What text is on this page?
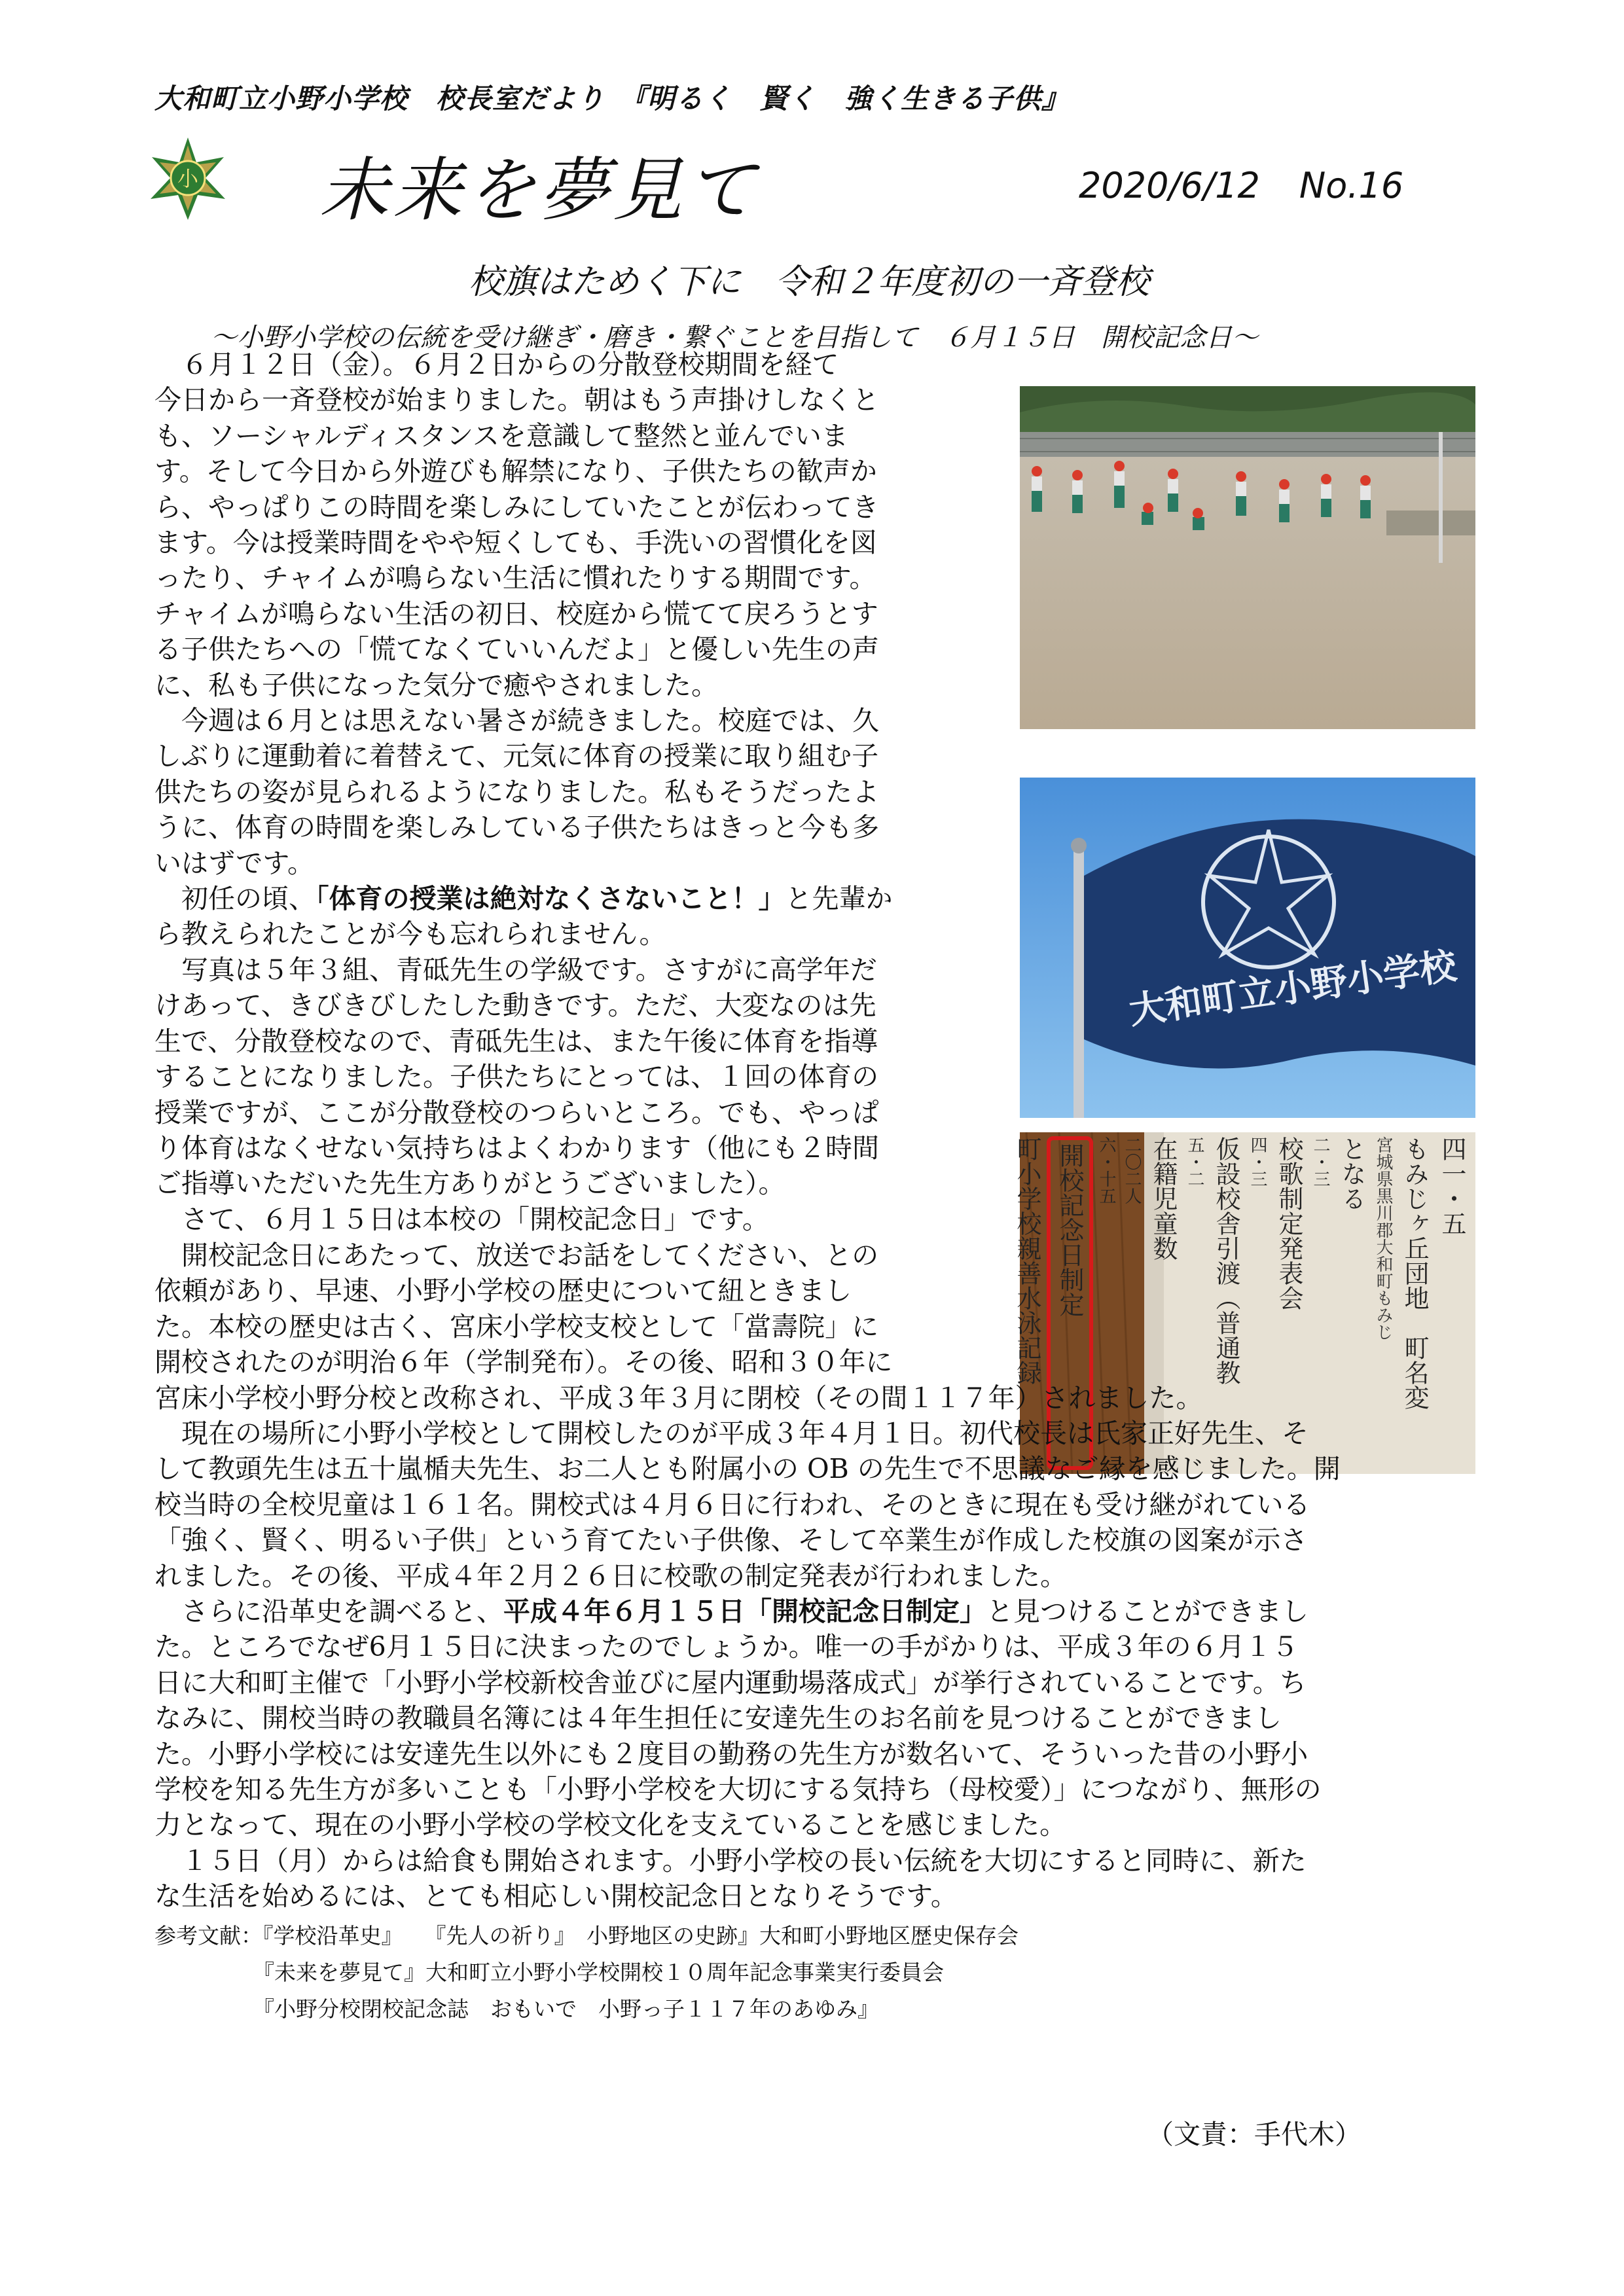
大和町立小野小学校　校長室だより　『明るく　賢く　強く生きる子供』
小 未来を夢見て	2020/6/12 No.16
校旗はためく下に　令和２年度初の一斉登校
～小野小学校の伝統を受け継ぎ・磨き・繋ぐことを目指して　６月１５日　開校記念日～
大和町立小野小学校
四一・五
もみじヶ丘団地　町名変
宮城県黒川郡大和町もみじ
となる
二・三
校歌制定発表会
四・三
仮設校舎引渡（普通教
五・二
在籍児童数
二〇二人
六・十五
開校記念日制定
町小学校親善水泳記録
　６月１２日（金）。６月２日からの分散登校期間を経て
今日から一斉登校が始まりました。朝はもう声掛けしなくと
も、ソーシャルディスタンスを意識して整然と並んでいま
す。そして今日から外遊びも解禁になり、子供たちの歓声か
ら、やっぱりこの時間を楽しみにしていたことが伝わってき
ます。今は授業時間をやや短くしても、手洗いの習慣化を図
ったり、チャイムが鳴らない生活に慣れたりする期間です。
チャイムが鳴らない生活の初日、校庭から慌てて戻ろうとす
る子供たちへの「慌てなくていいんだよ」と優しい先生の声
に、私も子供になった気分で癒やされました。
　今週は６月とは思えない暑さが続きました。校庭では、久
しぶりに運動着に着替えて、元気に体育の授業に取り組む子
供たちの姿が見られるようになりました。私もそうだったよ
うに、体育の時間を楽しみしている子供たちはきっと今も多
いはずです。
　初任の頃、「体育の授業は絶対なくさないこと！」と先輩か
ら教えられたことが今も忘れられません。
　写真は５年３組、青砥先生の学級です。さすがに高学年だ
けあって、きびきびしたした動きです。ただ、大変なのは先
生で、分散登校なので、青砥先生は、また午後に体育を指導
することになりました。子供たちにとっては、１回の体育の
授業ですが、ここが分散登校のつらいところ。でも、やっぱ
り体育はなくせない気持ちはよくわかります（他にも２時間
ご指導いただいた先生方ありがとうございました）。
　さて、６月１５日は本校の「開校記念日」です。
　開校記念日にあたって、放送でお話をしてください、との
依頼があり、早速、小野小学校の歴史について紐ときまし
た。本校の歴史は古く、宮床小学校支校として「當壽院」に
開校されたのが明治６年（学制発布）。その後、昭和３０年に
宮床小学校小野分校と改称され、平成３年３月に閉校（その間１１７年）されました。
　現在の場所に小野小学校として開校したのが平成３年４月１日。初代校長は氏家正好先生、そ
して教頭先生は五十嵐楯夫先生、お二人とも附属小の OB の先生で不思議なご縁を感じました。開
校当時の全校児童は１６１名。開校式は４月６日に行われ、そのときに現在も受け継がれている
「強く、賢く、明るい子供」という育てたい子供像、そして卒業生が作成した校旗の図案が示さ
れました。その後、平成４年２月２６日に校歌の制定発表が行われました。
　さらに沿革史を調べると、平成４年６月１５日「開校記念日制定」と見つけることができまし
た。ところでなぜ6月１５日に決まったのでしょうか。唯一の手がかりは、平成３年の６月１５
日に大和町主催で「小野小学校新校舎並びに屋内運動場落成式」が挙行されていることです。ち
なみに、開校当時の教職員名簿には４年生担任に安達先生のお名前を見つけることができまし
た。小野小学校には安達先生以外にも２度目の勤務の先生方が数名いて、そういった昔の小野小
学校を知る先生方が多いことも「小野小学校を大切にする気持ち（母校愛）」につながり、無形の
力となって、現在の小野小学校の学校文化を支えていることを感じました。
　１５日（月）からは給食も開始されます。小野小学校の長い伝統を大切にすると同時に、新た
な生活を始めるには、とても相応しい開校記念日となりそうです。
参考文献：『学校沿革史』　　『先人の祈り』　小野地区の史跡』大和町小野地区歴史保存会
『未来を夢見て』大和町立小野小学校開校１０周年記念事業実行委員会
『小野分校閉校記念誌　おもいで　小野っ子１１７年のあゆみ』
（文責：手代木）
